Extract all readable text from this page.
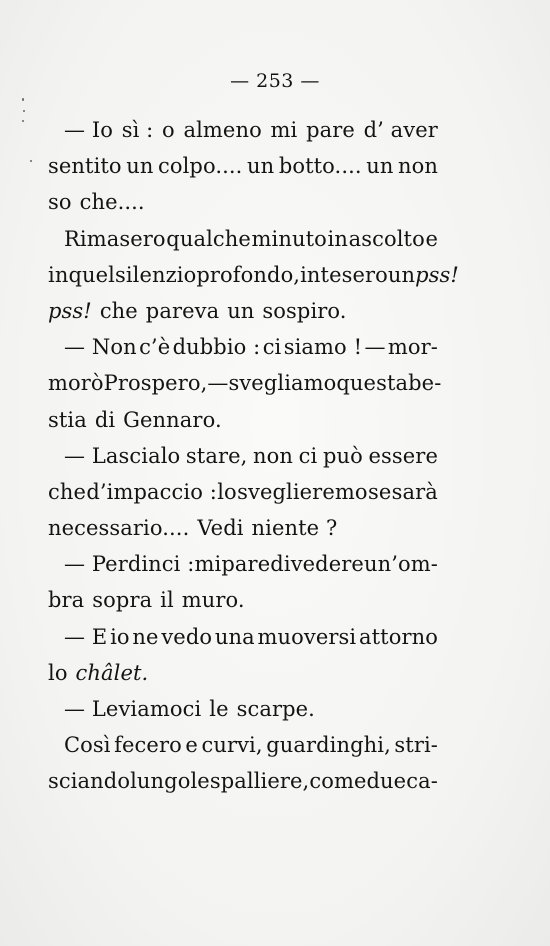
— 253 —
— Io sì : o almeno mi pare d’ aver
sentito un colpo.... un botto.... un non
so che....
Rimasero qualche minuto in ascolto e
in quel silenzio profondo, intesero un pss!
pss! che pareva un sospiro.
— Non c’è dubbio : ci siamo ! — mor-
morò Prospero, — svegliamo questa be-
stia di Gennaro.
— Lascialo stare, non ci può essere
che d’impaccio : lo sveglieremo se sarà
necessario.... Vedi niente ?
— Perdinci : mi pare di vedere un’om-
bra sopra il muro.
— E io ne vedo una muoversi attorno
lo châlet.
— Leviamoci le scarpe.
Così fecero e curvi, guardinghi, stri-
sciando lungo le spalliere, come due ca-
